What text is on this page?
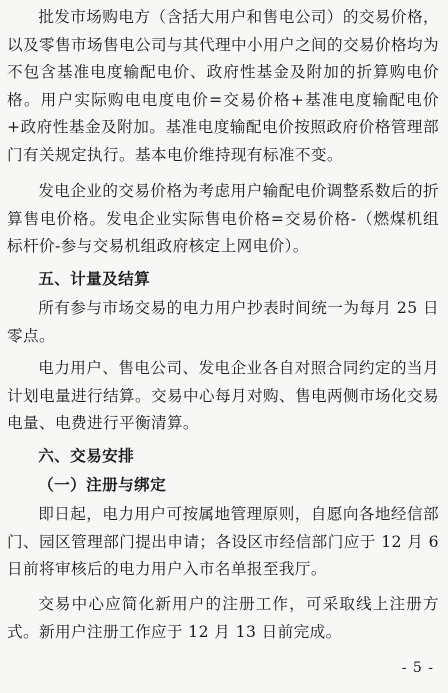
批发市场购电方（含括大用户和售电公司）的交易价格，以及零售市场售电公司与其代理中小用户之间的交易价格均为不包含基准电度输配电价、政府性基金及附加的折算购电价格。用户实际购电电度电价=交易价格+基准电度输配电价+政府性基金及附加。基准电度输配电价按照政府价格管理部门有关规定执行。基本电价维持现有标准不变。

发电企业的交易价格为考虑用户输配电价调整系数后的折算售电价格。发电企业实际售电价格=交易价格-（燃煤机组标杆价-参与交易机组政府核定上网电价）。

五、计量及结算

所有参与市场交易的电力用户抄表时间统一为每月 25 日零点。

电力用户、售电公司、发电企业各自对照合同约定的当月计划电量进行结算。交易中心每月对购、售电两侧市场化交易电量、电费进行平衡清算。

六、交易安排

（一）注册与绑定

即日起，电力用户可按属地管理原则，自愿向各地经信部门、园区管理部门提出申请；各设区市经信部门应于 12 月 6 日前将审核后的电力用户入市名单报至我厅。

交易中心应简化新用户的注册工作，可采取线上注册方式。新用户注册工作应于 12 月 13 日前完成。

- 5 -
